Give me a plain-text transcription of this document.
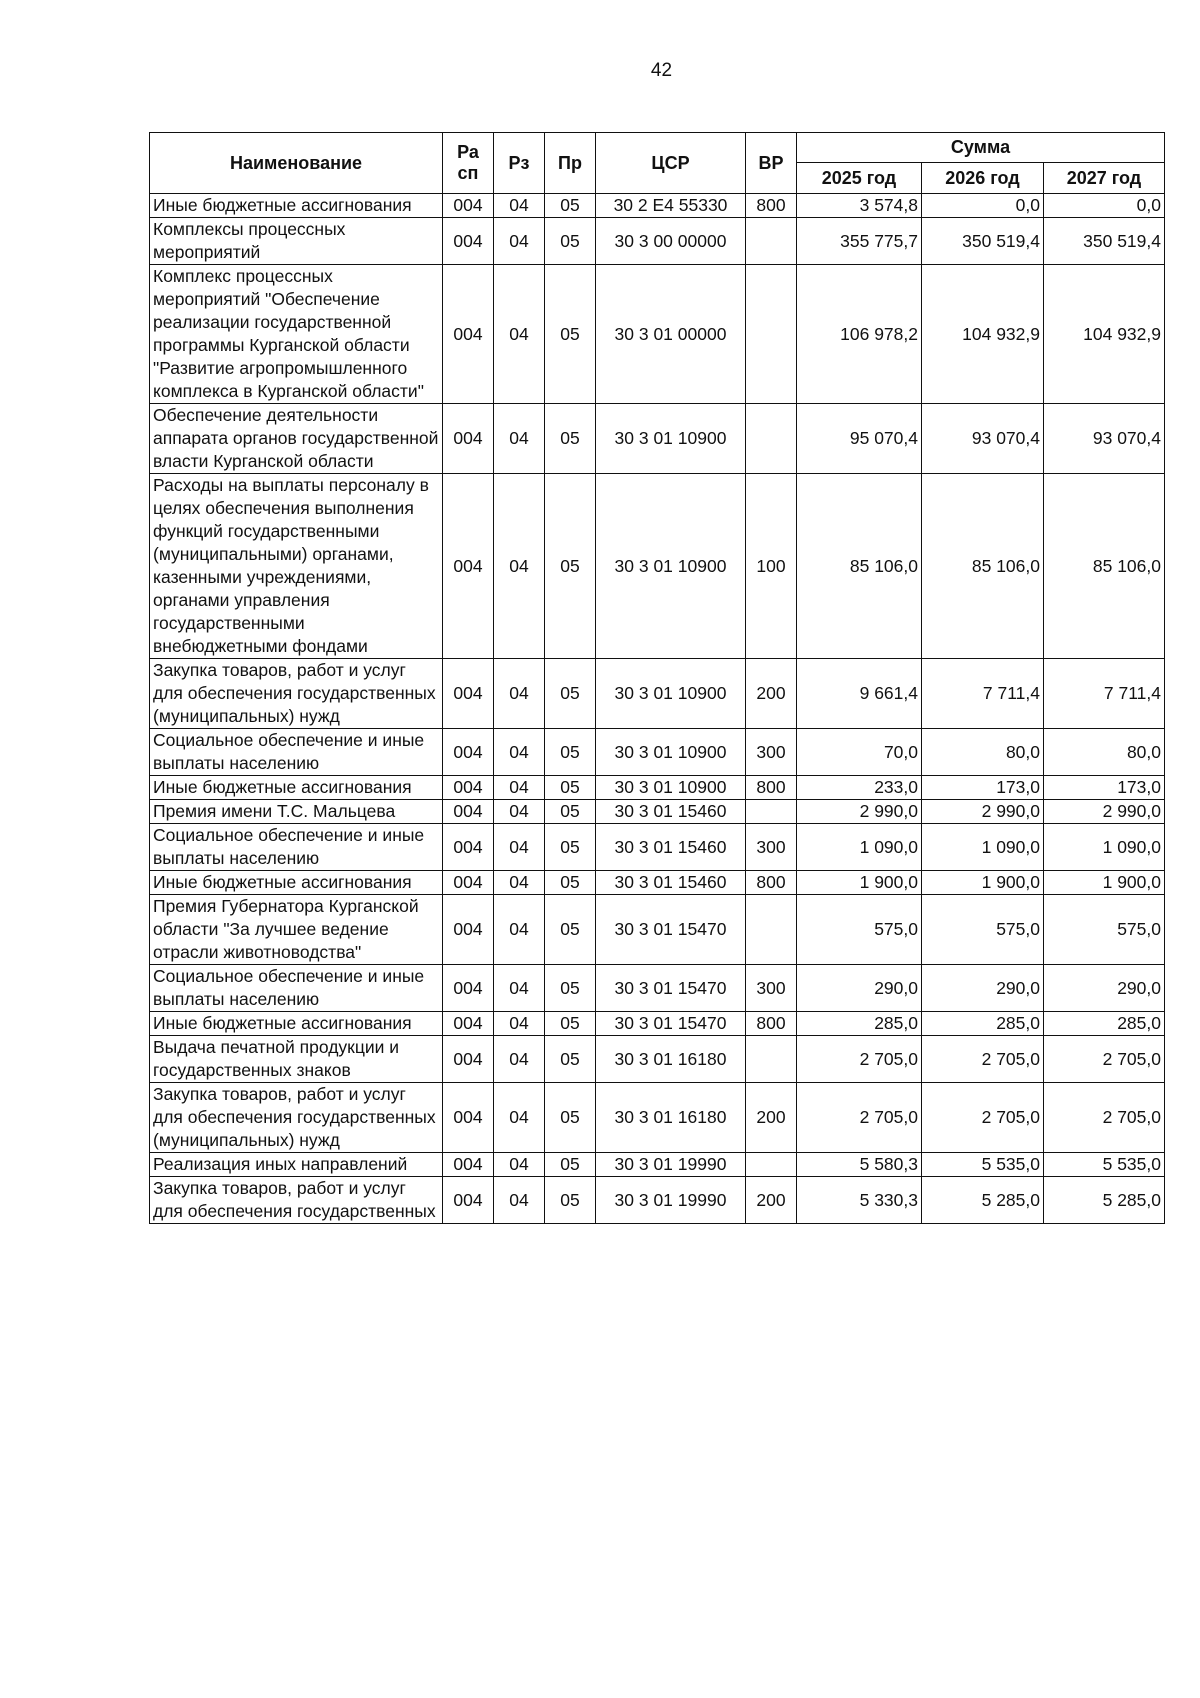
42
Наименование	Ра сп	Рз	Пр	ЦСР	ВР	Сумма		
						2025 год	2026 год	2027 год
Иные бюджетные ассигнования	004	04	05	30 2 Е4 55330	800	3 574,8	0,0	0,0
Комплексы процессных мероприятий	004	04	05	30 3 00 00000		355 775,7	350 519,4	350 519,4
Комплекс процессных мероприятий "Обеспечение реализации государственной программы Курганской области "Развитие агропромышленного комплекса в Курганской области"	004	04	05	30 3 01 00000		106 978,2	104 932,9	104 932,9
Обеспечение деятельности аппарата органов государственной власти Курганской области	004	04	05	30 3 01 10900		95 070,4	93 070,4	93 070,4
Расходы на выплаты персоналу в целях обеспечения выполнения функций государственными (муниципальными) органами, казенными учреждениями, органами управления государственными внебюджетными фондами	004	04	05	30 3 01 10900	100	85 106,0	85 106,0	85 106,0
Закупка товаров, работ и услуг для обеспечения государственных (муниципальных) нужд	004	04	05	30 3 01 10900	200	9 661,4	7 711,4	7 711,4
Социальное обеспечение и иные выплаты населению	004	04	05	30 3 01 10900	300	70,0	80,0	80,0
Иные бюджетные ассигнования	004	04	05	30 3 01 10900	800	233,0	173,0	173,0
Премия имени Т.С. Мальцева	004	04	05	30 3 01 15460		2 990,0	2 990,0	2 990,0
Социальное обеспечение и иные выплаты населению	004	04	05	30 3 01 15460	300	1 090,0	1 090,0	1 090,0
Иные бюджетные ассигнования	004	04	05	30 3 01 15460	800	1 900,0	1 900,0	1 900,0
Премия Губернатора Курганской области "За лучшее ведение отрасли животноводства"	004	04	05	30 3 01 15470		575,0	575,0	575,0
Социальное обеспечение и иные выплаты населению	004	04	05	30 3 01 15470	300	290,0	290,0	290,0
Иные бюджетные ассигнования	004	04	05	30 3 01 15470	800	285,0	285,0	285,0
Выдача печатной продукции и государственных знаков	004	04	05	30 3 01 16180		2 705,0	2 705,0	2 705,0
Закупка товаров, работ и услуг для обеспечения государственных (муниципальных) нужд	004	04	05	30 3 01 16180	200	2 705,0	2 705,0	2 705,0
Реализация иных направлений	004	04	05	30 3 01 19990		5 580,3	5 535,0	5 535,0
Закупка товаров, работ и услуг для обеспечения государственных	004	04	05	30 3 01 19990	200	5 330,3	5 285,0	5 285,0
